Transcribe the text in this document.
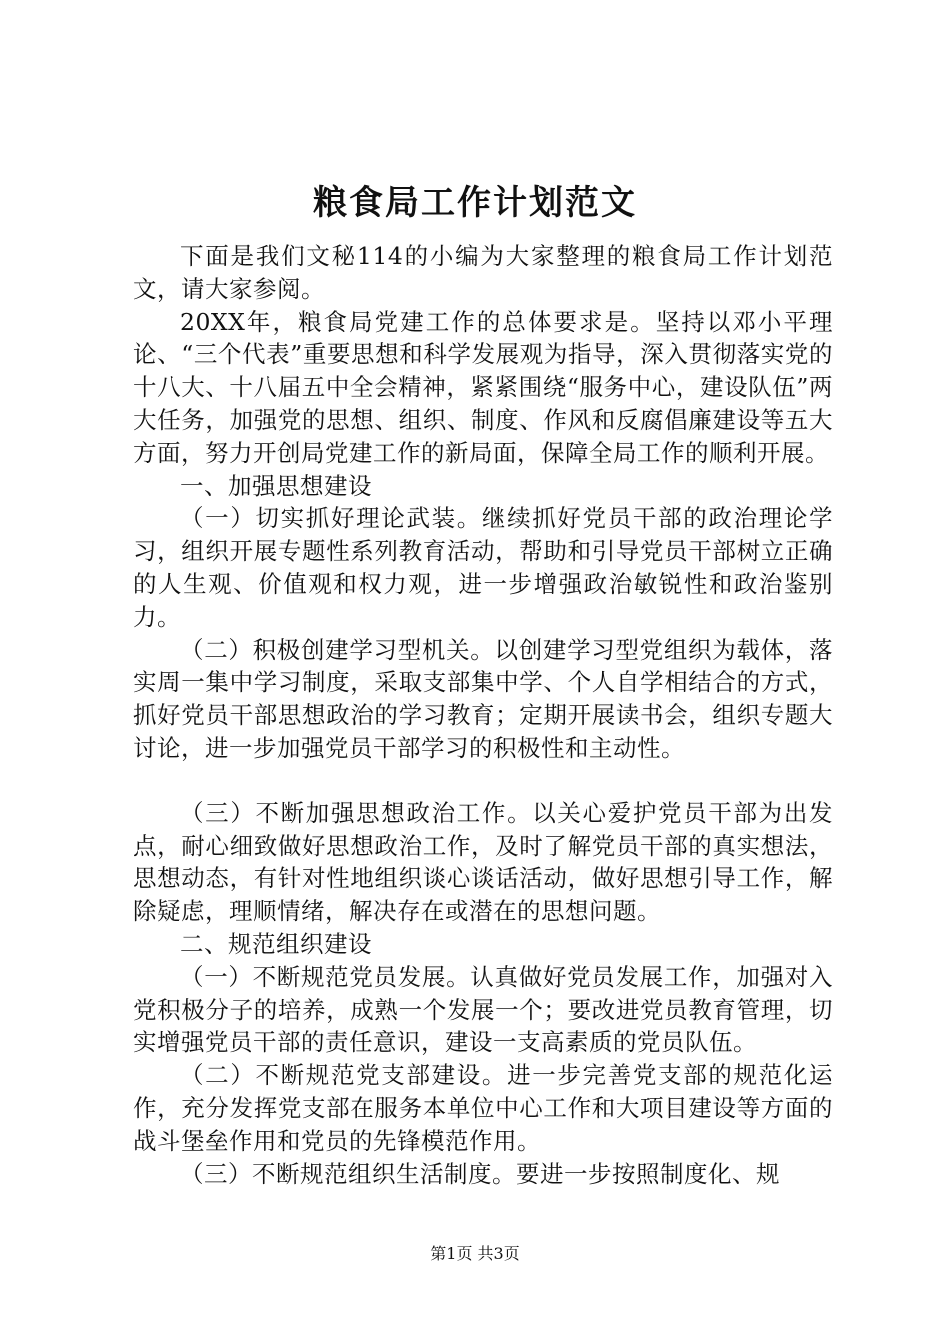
粮食局工作计划范文

下面是我们文秘114的小编为大家整理的粮食局工作计划范文，请大家参阅。

20XX年，粮食局党建工作的总体要求是。坚持以邓小平理论、“三个代表”重要思想和科学发展观为指导，深入贯彻落实党的十八大、十八届五中全会精神，紧紧围绕“服务中心，建设队伍”两大任务，加强党的思想、组织、制度、作风和反腐倡廉建设等五大方面，努力开创局党建工作的新局面，保障全局工作的顺利开展。

一、加强思想建设

（一）切实抓好理论武装。继续抓好党员干部的政治理论学习，组织开展专题性系列教育活动，帮助和引导党员干部树立正确的人生观、价值观和权力观，进一步增强政治敏锐性和政治鉴别力。

（二）积极创建学习型机关。以创建学习型党组织为载体，落实周一集中学习制度，采取支部集中学、个人自学相结合的方式，抓好党员干部思想政治的学习教育；定期开展读书会，组织专题大讨论，进一步加强党员干部学习的积极性和主动性。

（三）不断加强思想政治工作。以关心爱护党员干部为出发点，耐心细致做好思想政治工作，及时了解党员干部的真实想法，思想动态，有针对性地组织谈心谈话活动，做好思想引导工作，解除疑虑，理顺情绪，解决存在或潜在的思想问题。

二、规范组织建设

（一）不断规范党员发展。认真做好党员发展工作，加强对入党积极分子的培养，成熟一个发展一个；要改进党员教育管理，切实增强党员干部的责任意识，建设一支高素质的党员队伍。

（二）不断规范党支部建设。进一步完善党支部的规范化运作，充分发挥党支部在服务本单位中心工作和大项目建设等方面的战斗堡垒作用和党员的先锋模范作用。

（三）不断规范组织生活制度。要进一步按照制度化、规

第1页 共3页
